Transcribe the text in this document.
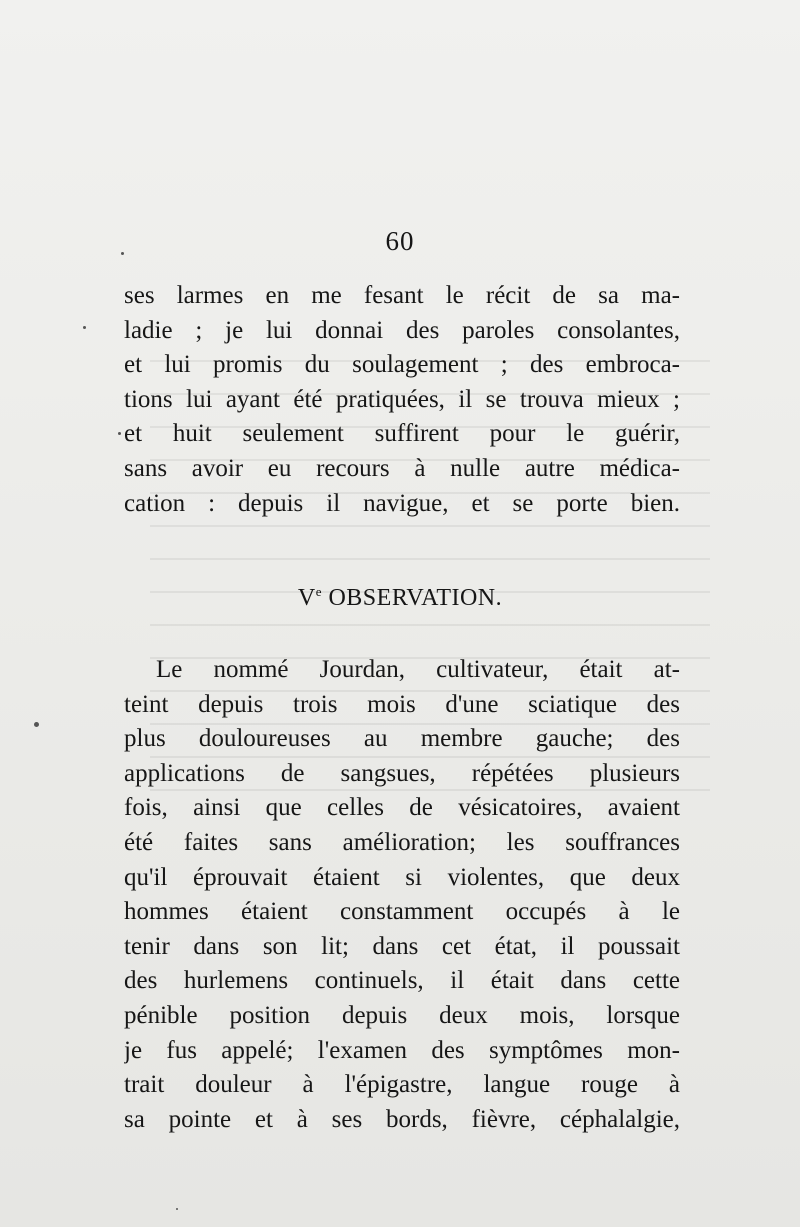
60
ses larmes en me fesant le récit de sa ma-
ladie ; je lui donnai des paroles consolantes,
et lui promis du soulagement ; des embroca-
tions lui ayant été pratiquées, il se trouva mieux ;
et huit seulement suffirent pour le guérir,
sans avoir eu recours à nulle autre médica-
cation : depuis il navigue, et se porte bien.
Ve OBSERVATION.
Le nommé Jourdan, cultivateur, était at-
teint depuis trois mois d'une sciatique des
plus douloureuses au membre gauche; des
applications de sangsues, répétées plusieurs
fois, ainsi que celles de vésicatoires, avaient
été faites sans amélioration; les souffrances
qu'il éprouvait étaient si violentes, que deux
hommes étaient constamment occupés à le
tenir dans son lit; dans cet état, il poussait
des hurlemens continuels, il était dans cette
pénible position depuis deux mois, lorsque
je fus appelé; l'examen des symptômes mon-
trait douleur à l'épigastre, langue rouge à
sa pointe et à ses bords, fièvre, céphalalgie,
